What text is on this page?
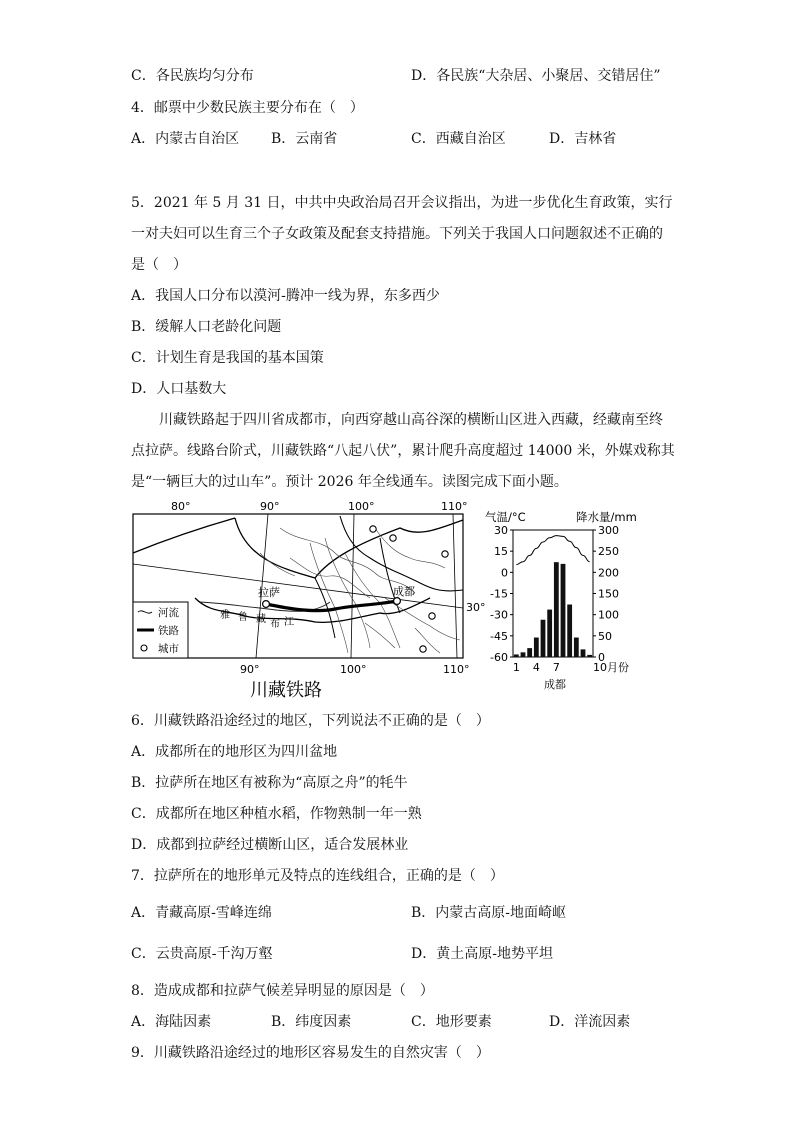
C．各民族均匀分布	D．各民族“大杂居、小聚居、交错居住”
4．邮票中少数民族主要分布在（　）
A．内蒙古自治区 B．云南省	C．西藏自治区	D．吉林省
5．2021 年 5 月 31 日，中共中央政治局召开会议指出，为进一步优化生育政策，实行
一对夫妇可以生育三个子女政策及配套支持措施。下列关于我国人口问题叙述不正确的
是（　）
A．我国人口分布以漠河-腾冲一线为界，东多西少
B．缓解人口老龄化问题
C．计划生育是我国的基本国策
D．人口基数大
川藏铁路起于四川省成都市，向西穿越山高谷深的横断山区进入西藏，经藏南至终
点拉萨。线路台阶式，川藏铁路“八起八伏”，累计爬升高度超过 14000 米，外媒戏称其
是“一辆巨大的过山车”。预计 2026 年全线通车。读图完成下面小题。
80°	90°	100°	110°
拉萨	成都
雅 鲁 藏 布 江
30°
河流
铁路
城市
90°	100°	110°
川藏铁路
气温/°C	降水量/mm
30
15
0
-15
-30
-45
-60
300
250
200
150
100
50
0
1 4 7	10月份
成都
6．川藏铁路沿途经过的地区，下列说法不正确的是（　）
A．成都所在的地形区为四川盆地
B．拉萨所在地区有被称为“高原之舟”的牦牛
C．成都所在地区种植水稻，作物熟制一年一熟
D．成都到拉萨经过横断山区，适合发展林业
7．拉萨所在的地形单元及特点的连线组合，正确的是（　）
A．青藏高原-雪峰连绵	B．内蒙古高原-地面崎岖
C．云贵高原-千沟万壑	D．黄土高原-地势平坦
8．造成成都和拉萨气候差异明显的原因是（　）
A．海陆因素	B．纬度因素	C．地形要素	D．洋流因素
9．川藏铁路沿途经过的地形区容易发生的自然灾害（　）
